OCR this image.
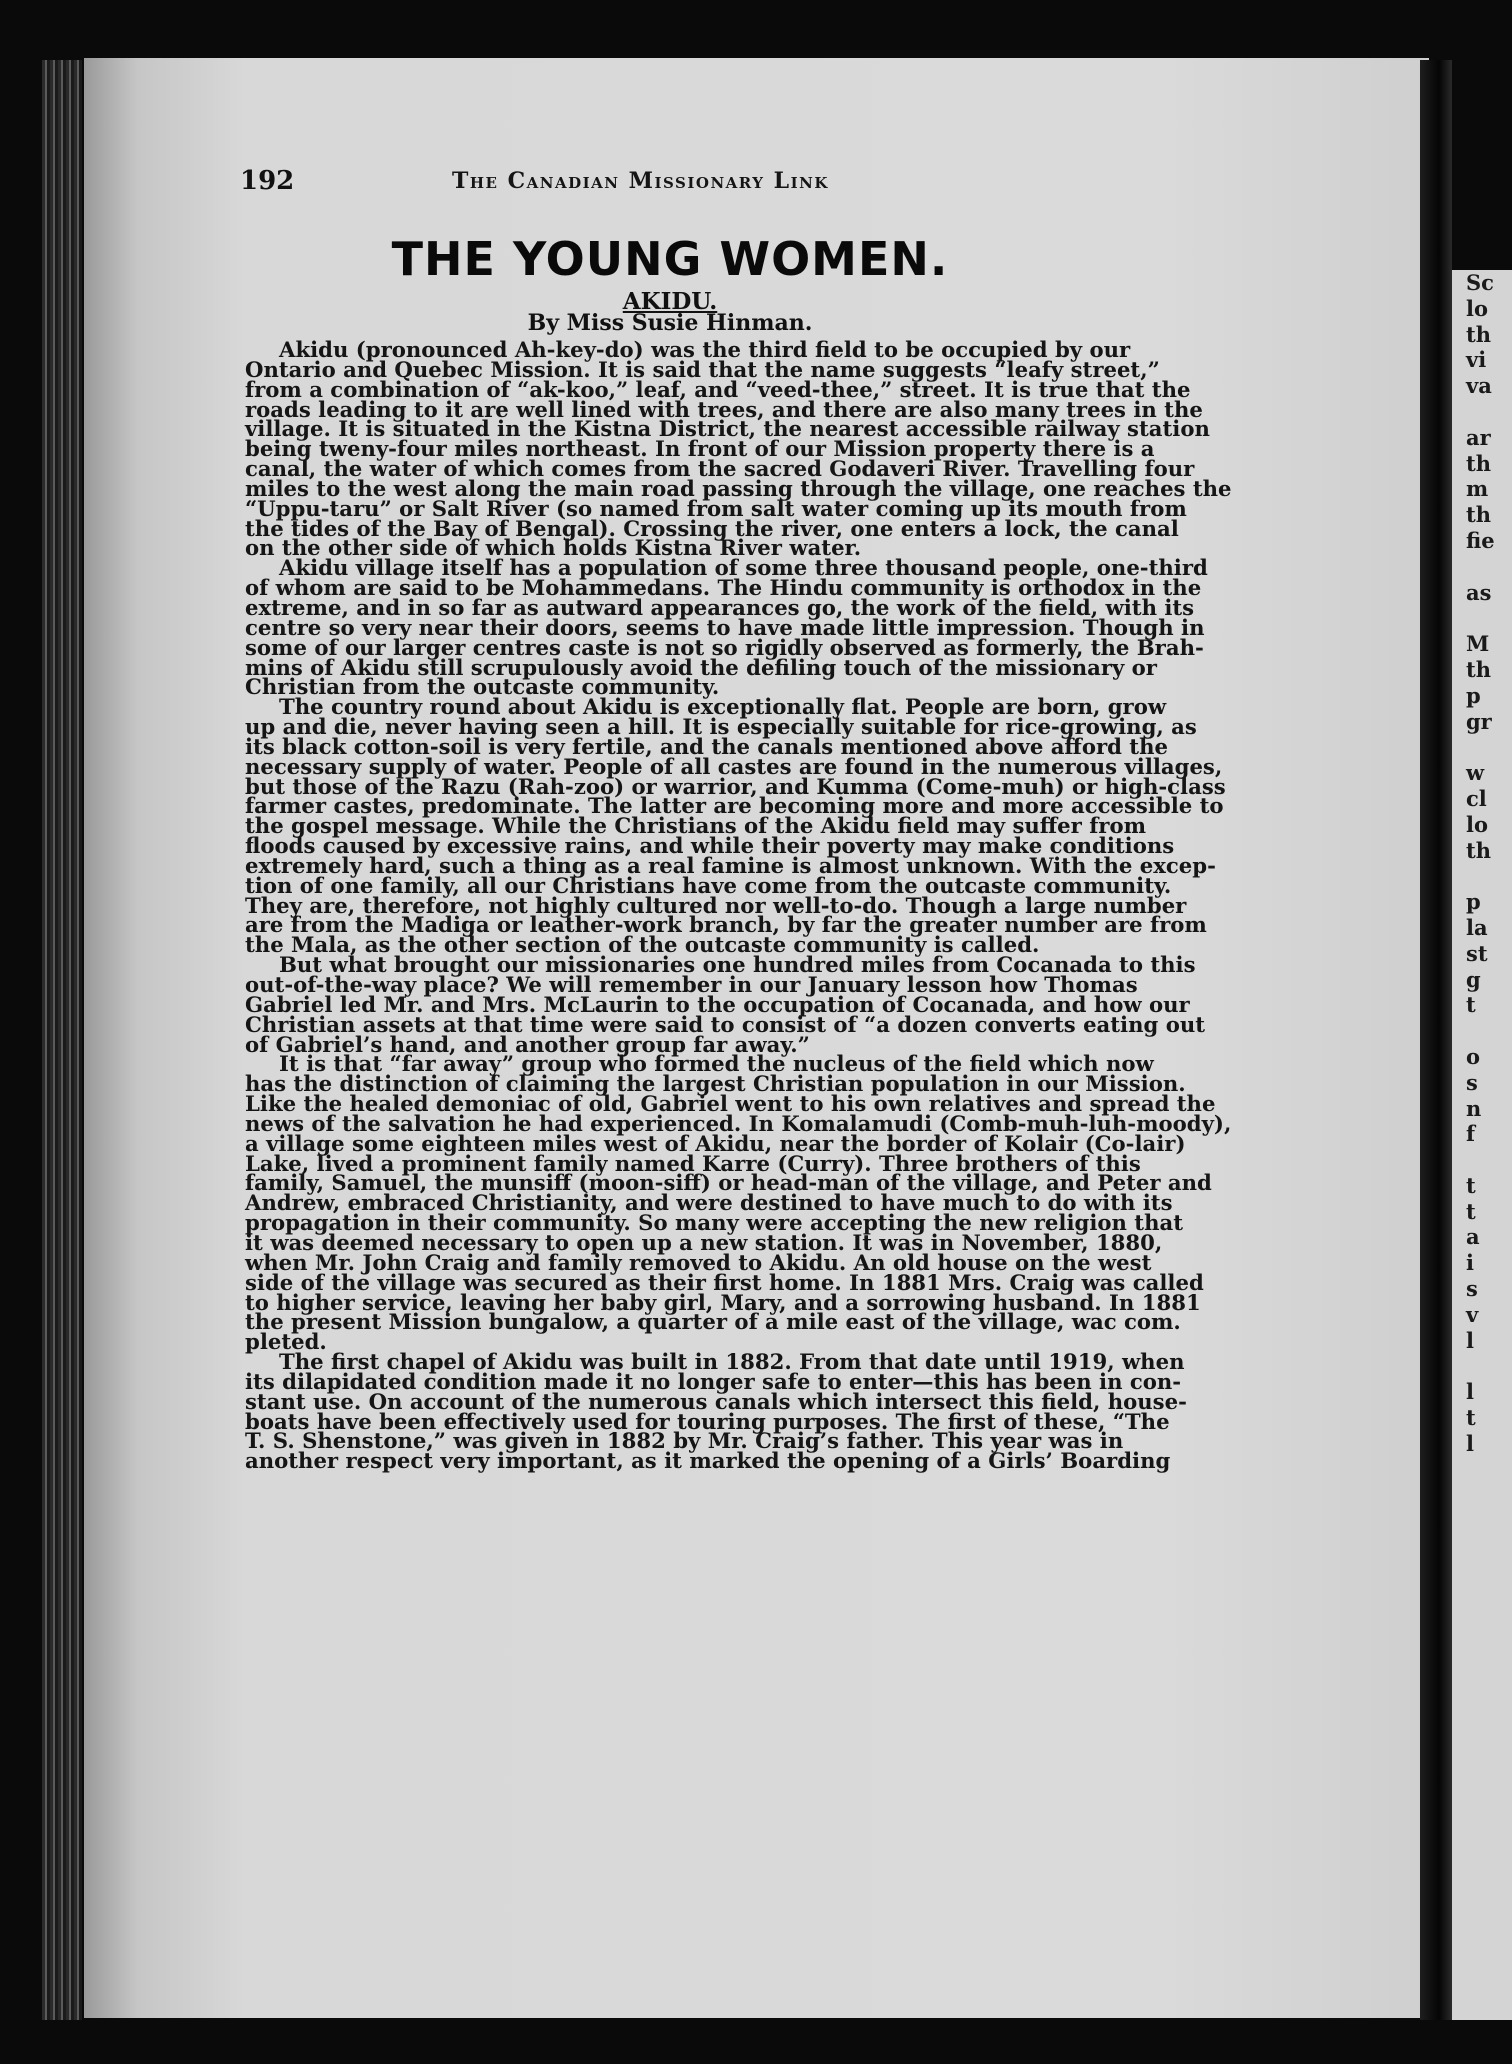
Sc
lo
th
vi
va
ar
th
m
th
fie
as
M
th
p
gr
w
cl
lo
th
p
la
st
g
t
o
s
n
f
t
t
a
i
s
v
l
l
t
l
192	The Canadian Missionary Link
THE YOUNG WOMEN.
AKIDU.
By Miss Susie Hinman.
Akidu (pronounced Ah-key-do) was the third field to be occupied by our
Ontario and Quebec Mission. It is said that the name suggests “leafy street,”
from a combination of “ak-koo,” leaf, and “veed-thee,” street. It is true that the
roads leading to it are well lined with trees, and there are also many trees in the
village. It is situated in the Kistna District, the nearest accessible railway station
being tweny-four miles northeast. In front of our Mission property there is a
canal, the water of which comes from the sacred Godaveri River. Travelling four
miles to the west along the main road passing through the village, one reaches the
“Uppu-taru” or Salt River (so named from salt water coming up its mouth from
the tides of the Bay of Bengal). Crossing the river, one enters a lock, the canal
on the other side of which holds Kistna River water.
Akidu village itself has a population of some three thousand people, one-third
of whom are said to be Mohammedans. The Hindu community is orthodox in the
extreme, and in so far as autward appearances go, the work of the field, with its
centre so very near their doors, seems to have made little impression. Though in
some of our larger centres caste is not so rigidly observed as formerly, the Brah-
mins of Akidu still scrupulously avoid the defiling touch of the missionary or
Christian from the outcaste community.
The country round about Akidu is exceptionally flat. People are born, grow
up and die, never having seen a hill. It is especially suitable for rice-growing, as
its black cotton-soil is very fertile, and the canals mentioned above afford the
necessary supply of water. People of all castes are found in the numerous villages,
but those of the Razu (Rah-zoo) or warrior, and Kumma (Come-muh) or high-class
farmer castes, predominate. The latter are becoming more and more accessible to
the gospel message. While the Christians of the Akidu field may suffer from
floods caused by excessive rains, and while their poverty may make conditions
extremely hard, such a thing as a real famine is almost unknown. With the excep-
tion of one family, all our Christians have come from the outcaste community.
They are, therefore, not highly cultured nor well-to-do. Though a large number
are from the Madiga or leather-work branch, by far the greater number are from
the Mala, as the other section of the outcaste community is called.
But what brought our missionaries one hundred miles from Cocanada to this
out-of-the-way place? We will remember in our January lesson how Thomas
Gabriel led Mr. and Mrs. McLaurin to the occupation of Cocanada, and how our
Christian assets at that time were said to consist of “a dozen converts eating out
of Gabriel’s hand, and another group far away.”
It is that “far away” group who formed the nucleus of the field which now
has the distinction of claiming the largest Christian population in our Mission.
Like the healed demoniac of old, Gabriel went to his own relatives and spread the
news of the salvation he had experienced. In Komalamudi (Comb-muh-luh-moody),
a village some eighteen miles west of Akidu, near the border of Kolair (Co-lair)
Lake, lived a prominent family named Karre (Curry). Three brothers of this
family, Samuel, the munsiff (moon-siff) or head-man of the village, and Peter and
Andrew, embraced Christianity, and were destined to have much to do with its
propagation in their community. So many were accepting the new religion that
it was deemed necessary to open up a new station. It was in November, 1880,
when Mr. John Craig and family removed to Akidu. An old house on the west
side of the village was secured as their first home. In 1881 Mrs. Craig was called
to higher service, leaving her baby girl, Mary, and a sorrowing husband. In 1881
the present Mission bungalow, a quarter of a mile east of the village, wac com.
pleted.
The first chapel of Akidu was built in 1882. From that date until 1919, when
its dilapidated condition made it no longer safe to enter—this has been in con-
stant use. On account of the numerous canals which intersect this field, house-
boats have been effectively used for touring purposes. The first of these, “The
T. S. Shenstone,” was given in 1882 by Mr. Craig’s father. This year was in
another respect very important, as it marked the opening of a Girls’ Boarding
